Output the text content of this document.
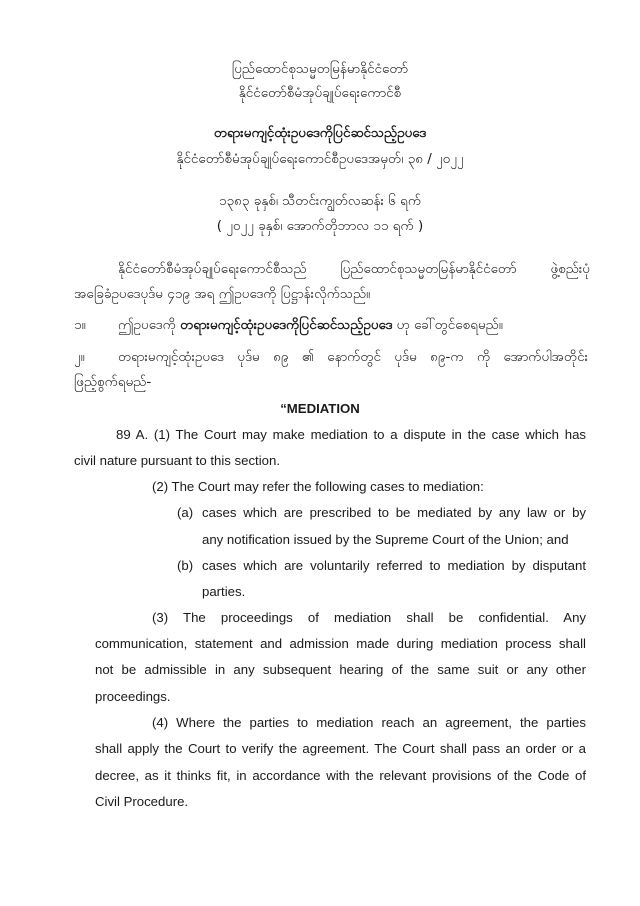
ပြည်ထောင်စုသမ္မတမြန်မာနိုင်ငံတော်
နိုင်ငံတော်စီမံအုပ်ချုပ်ရေးကောင်စီ
တရားမကျင့်ထုံးဥပဒေကိုပြင်ဆင်သည့်ဥပဒေ
နိုင်ငံတော်စီမံအုပ်ချုပ်ရေးကောင်စီဥပဒေအမှတ်၊ ၃၈ / ၂၀၂၂
၁၃၈၃ ခုနှစ်၊ သီတင်းကျွတ်လဆန်း ၆ ရက်
( ၂၀၂၂ ခုနှစ်၊ အောက်တိုဘာလ ၁၁ ရက် )
နိုင်ငံတော်စီမံအုပ်ချုပ်ရေးကောင်စီသည် ပြည်ထောင်စုသမ္မတမြန်မာနိုင်ငံတော် ဖွဲ့စည်းပုံ
အခြေခံဥပဒေပုဒ်မ ၄၁၉ အရ ဤဥပဒေကို ပြဋ္ဌာန်းလိုက်သည်။
၁။ ဤဥပဒေကို တရားမကျင့်ထုံးဥပဒေကိုပြင်ဆင်သည့်ဥပဒေ ဟု ခေါ်တွင်စေရမည်။
၂။ တရားမကျင့်ထုံးဥပဒေ ပုဒ်မ ၈၉ ၏ နောက်တွင် ပုဒ်မ ၈၉-က ကို အောက်ပါအတိုင်း
ဖြည့်စွက်ရမည်-
“MEDIATION
89 A. (1) The Court may make mediation to a dispute in the case which has
civil nature pursuant to this section.
(2) The Court may refer the following cases to mediation:
(a) cases which are prescribed to be mediated by any law or by
any notification issued by the Supreme Court of the Union; and
(b) cases which are voluntarily referred to mediation by disputant
parties.
(3) The proceedings of mediation shall be confidential. Any
communication, statement and admission made during mediation process shall
not be admissible in any subsequent hearing of the same suit or any other
proceedings.
(4) Where the parties to mediation reach an agreement, the parties
shall apply the Court to verify the agreement. The Court shall pass an order or a
decree, as it thinks fit, in accordance with the relevant provisions of the Code of
Civil Procedure.
